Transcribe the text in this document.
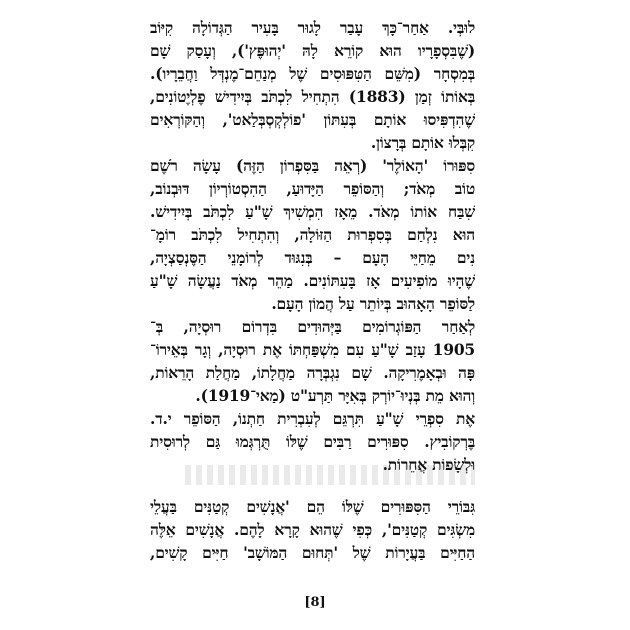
לוּבְּי. אַחַר־כָּךְ עָבַר לָגוּר בָּעִיר הַגְּדוֹלָה קִיּוֹב
(שֶׁבִּסְפָרָיו הוּא קוֹרֵא לָהּ 'יְהוּפֶּץ'), וְעָסַק שָׁם
בְּמִסְחָר (מִשֵּׁם הַטִּפּוּסִים שֶׁל מְנַחֵם־מֶנְדְּל וַחֲבֵרָיו).
בְּאוֹתוֹ זְמַן (1883) הִתְחִיל לִכְתֹּב בְּיִידִישׁ פֶלְיֶטוֹנִים,
שֶׁהִדְפִּיסוּ אוֹתָם בְּעִתּוֹן 'פוֹלְקְסְבְּלַאט', וְהַקּוֹרְאִים
קִבְּלוּ אוֹתָם בְּרָצוֹן.
סִפּוּרוֹ 'הָאוֹלֶר' (רְאֵה בַּסִּפְרוֹן הַזֶּה) עָשָׂה רֹשֶׁם
טוֹב מְאֹד; וְהַסּוֹפֵר הַיָּדוּעַ, הַהִסְטוֹרְיוֹן דּוּבְנוֹב,
שִׁבַּח אוֹתוֹ מְאֹד. מֵאָז הִמְשִׁיךְ שָׁ"עַ לִכְתֹּב בְּיִידִישׁ.
הוּא נִלְחַם בְּסִפְרוּת הַזּוֹלָה, וְהִתְחִיל לִכְתֹּב רוֹמָ־
נִים מֵחַיֵּי הָעָם – בְּנִגּוּד לְרוֹמָנֵי הַסֶּנְסַצְיָה,
שֶׁהָיוּ מוֹפִיעִים אָז בָּעִתּוֹנִים. מַהֵר מְאֹד נַעֲשָׂה שָׁ"עַ
לַסּוֹפֵר הָאָהוּב בְּיוֹתֵר עַל הֲמוֹן הָעָם.
לְאַחַר הַפּוֹגְרוֹמִים בַּיְּהוּדִים בִּדְרוֹם רוּסְיָה, בְּ־
1905 עָזַב שָׁ"עַ עִם מִשְׁפַּחְתּוֹ אֶת רוּסְיָה, וְגָר בְּאֵירוֹ־
פָּה וּבְאָמֶרִיקָה. שָׁם נִגְבְּרָה מַחֲלָתוֹ, מַחֲלַת הָרֵאוֹת,
וְהוּא מֵת בְּנְיוּ־יוֹרְק בְּאִיָּר תַּרְע"ט (מַאי־1919).
אֶת סִפְרֵי שָׁ"עַ תִּרְגֵּם לְעִבְרִית חַתְנוֹ, הַסּוֹפֵר י.ד.
בֶּרְקוֹבִיץ. סִפּוּרִים רַבִּים שֶׁלּוֹ תֻּרְגְּמוּ גַּם לְרוּסִית
וּלְשָׂפוֹת אֲחֵרוֹת.
גִּבּוֹרֵי הַסִּפּוּרִים שֶׁלּוֹ הֵם 'אֲנָשִׁים קְטַנִּים בַּעֲלֵי
מִשְׂגִּים קְטַנִּים', כְּפִי שֶׁהוּא קָרָא לָהֶם. אֲנָשִׁים אֵלֶּה
הַחַיִּים בַּעֲיָרוֹת שֶׁל 'תְּחוּם הַמּוֹשָׁב' חַיִּים קָשִׁים,
[8]
